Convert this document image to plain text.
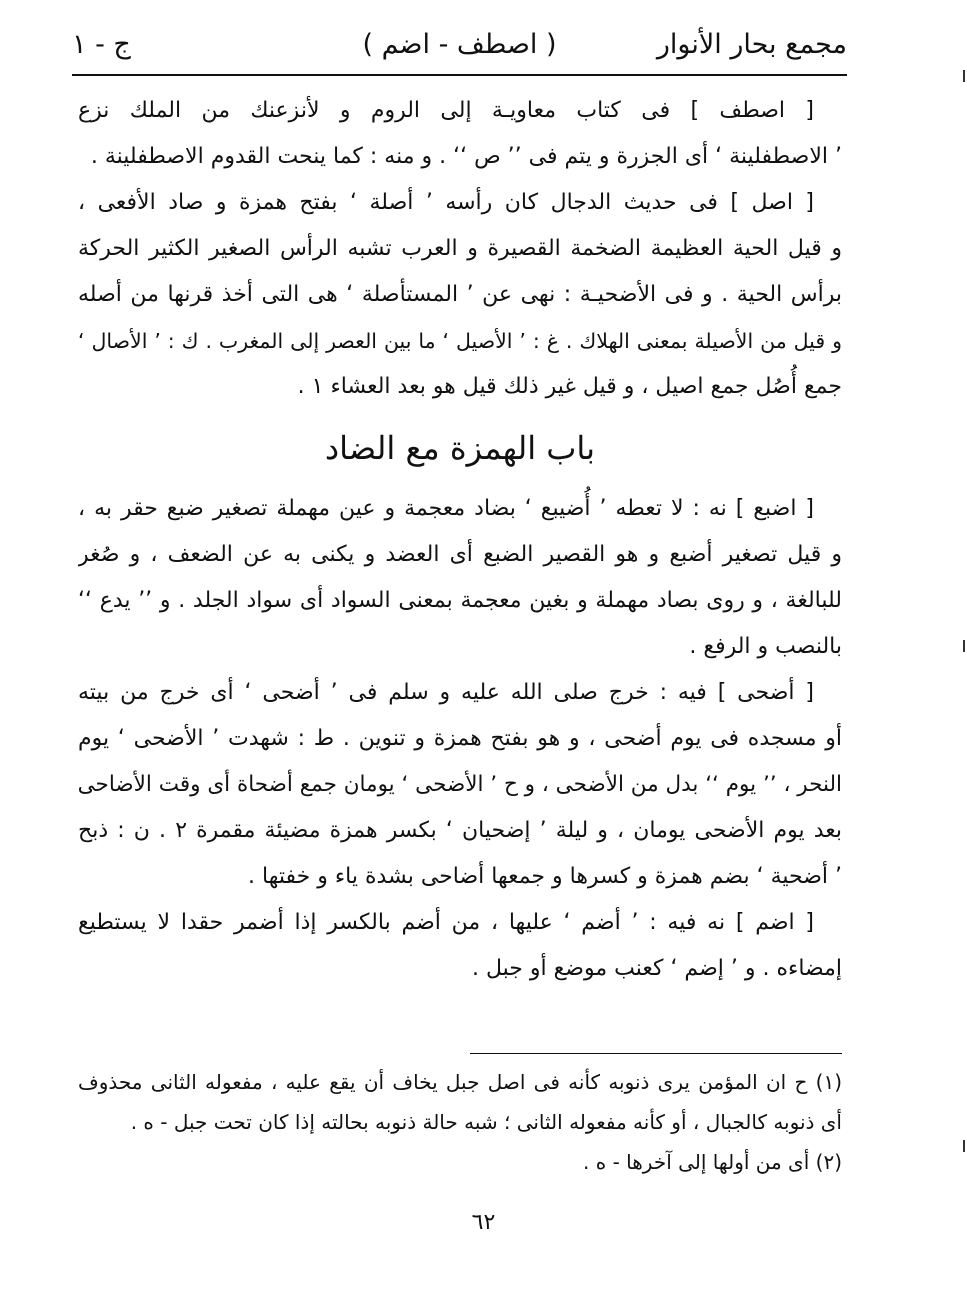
مجمع بحار الأنوار
( اصطف - اضم )
ج - ١
[ اصطف ] فى كتاب معاويـة إلى الروم و لأنزعنك من الملك نزع
’ الاصطفلينة ‘ أى الجزرة و يتم فى ’’ ص ‘‘ . و منه : كما ينحت القدوم الاصطفلينة .
[ اصل ] فى حديث الدجال كان رأسه ’ أصلة ‘ بفتح همزة و صاد الأفعى ،
و قيل الحية العظيمة الضخمة القصيرة و العرب تشبه الرأس الصغير الكثير الحركة
برأس الحية . و فى الأضحيـة : نهى عن ’ المستأصلة ‘ هى التى أخذ قرنها من أصله
و قيل من الأصيلة بمعنى الهلاك . غ : ’ الأصيل ‘ ما بين العصر إلى المغرب . ك : ’ الأصال ‘
جمع أُصُل جمع اصيل ، و قيل غير ذلك قيل هو بعد العشاء ١ .
باب الهمزة مع الضاد
[ اضبع ] نه : لا تعطه ’ أُضيبع ‘ بضاد معجمة و عين مهملة تصغير ضبع حقر به ،
و قيل تصغير أضبع و هو القصير الضبع أى العضد و يكنى به عن الضعف ، و صُغر
للبالغة ، و روى بصاد مهملة و بغين معجمة بمعنى السواد أى سواد الجلد . و ’’ يدع ‘‘
بالنصب و الرفع .
[ أضحى ] فيه : خرج صلى الله عليه و سلم فى ’ أضحى ‘ أى خرج من بيته
أو مسجده فى يوم أضحى ، و هو بفتح همزة و تنوين . ط : شهدت ’ الأضحى ‘ يوم
النحر ، ’’ يوم ‘‘ بدل من الأضحى ، و ح ’ الأضحى ‘ يومان جمع أضحاة أى وقت الأضاحى
بعد يوم الأضحى يومان ، و ليلة ’ إضحيان ‘ بكسر همزة مضيئة مقمرة ٢ . ن : ذبح
’ أضحية ‘ بضم همزة و كسرها و جمعها أضاحى بشدة ياء و خفتها .
[ اضم ] نه فيه : ’ أضم ‘ عليها ، من أضم بالكسر إذا أضمر حقدا لا يستطيع
إمضاءه . و ’ إضم ‘ كعنب موضع أو جبل .
(١) ح ان المؤمن يرى ذنوبه كأنه فى اصل جبل يخاف أن يقع عليه ، مفعوله الثانى محذوف
أى ذنوبه كالجبال ، أو كأنه مفعوله الثانى ؛ شبه حالة ذنوبه بحالته إذا كان تحت جبل - ه .
(٢) أى من أولها إلى آخرها - ه .
٦٢
